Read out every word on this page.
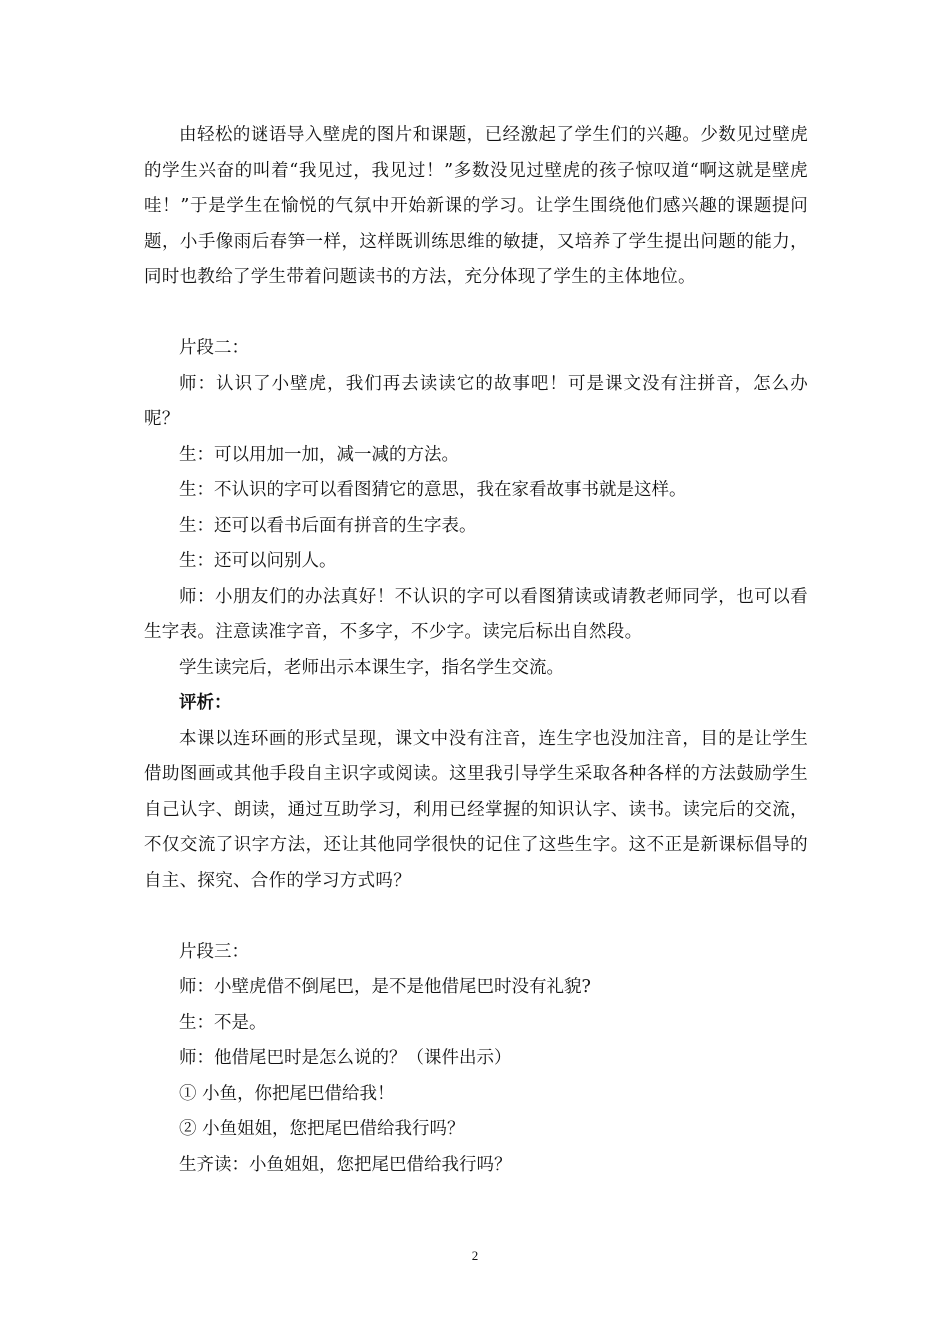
由轻松的谜语导入壁虎的图片和课题，已经激起了学生们的兴趣。少数见过壁虎的学生兴奋的叫着“我见过，我见过！”多数没见过壁虎的孩子惊叹道“啊这就是壁虎哇！”于是学生在愉悦的气氛中开始新课的学习。让学生围绕他们感兴趣的课题提问题，小手像雨后春笋一样，这样既训练思维的敏捷，又培养了学生提出问题的能力，同时也教给了学生带着问题读书的方法，充分体现了学生的主体地位。

片段二：

师：认识了小壁虎，我们再去读读它的故事吧！可是课文没有注拼音，怎么办呢？

生：可以用加一加，减一减的方法。

生：不认识的字可以看图猜它的意思，我在家看故事书就是这样。

生：还可以看书后面有拼音的生字表。

生：还可以问别人。

师：小朋友们的办法真好！不认识的字可以看图猜读或请教老师同学，也可以看生字表。注意读准字音，不多字，不少字。读完后标出自然段。

学生读完后，老师出示本课生字，指名学生交流。

评析：

本课以连环画的形式呈现，课文中没有注音，连生字也没加注音，目的是让学生借助图画或其他手段自主识字或阅读。这里我引导学生采取各种各样的方法鼓励学生自己认字、朗读，通过互助学习，利用已经掌握的知识认字、读书。读完后的交流，不仅交流了识字方法，还让其他同学很快的记住了这些生字。这不正是新课标倡导的自主、探究、合作的学习方式吗？

片段三：

师：小壁虎借不倒尾巴，是不是他借尾巴时没有礼貌?

生：不是。

师：他借尾巴时是怎么说的？（课件出示）

① 小鱼，你把尾巴借给我！

② 小鱼姐姐，您把尾巴借给我行吗？

生齐读：小鱼姐姐，您把尾巴借给我行吗？

2
